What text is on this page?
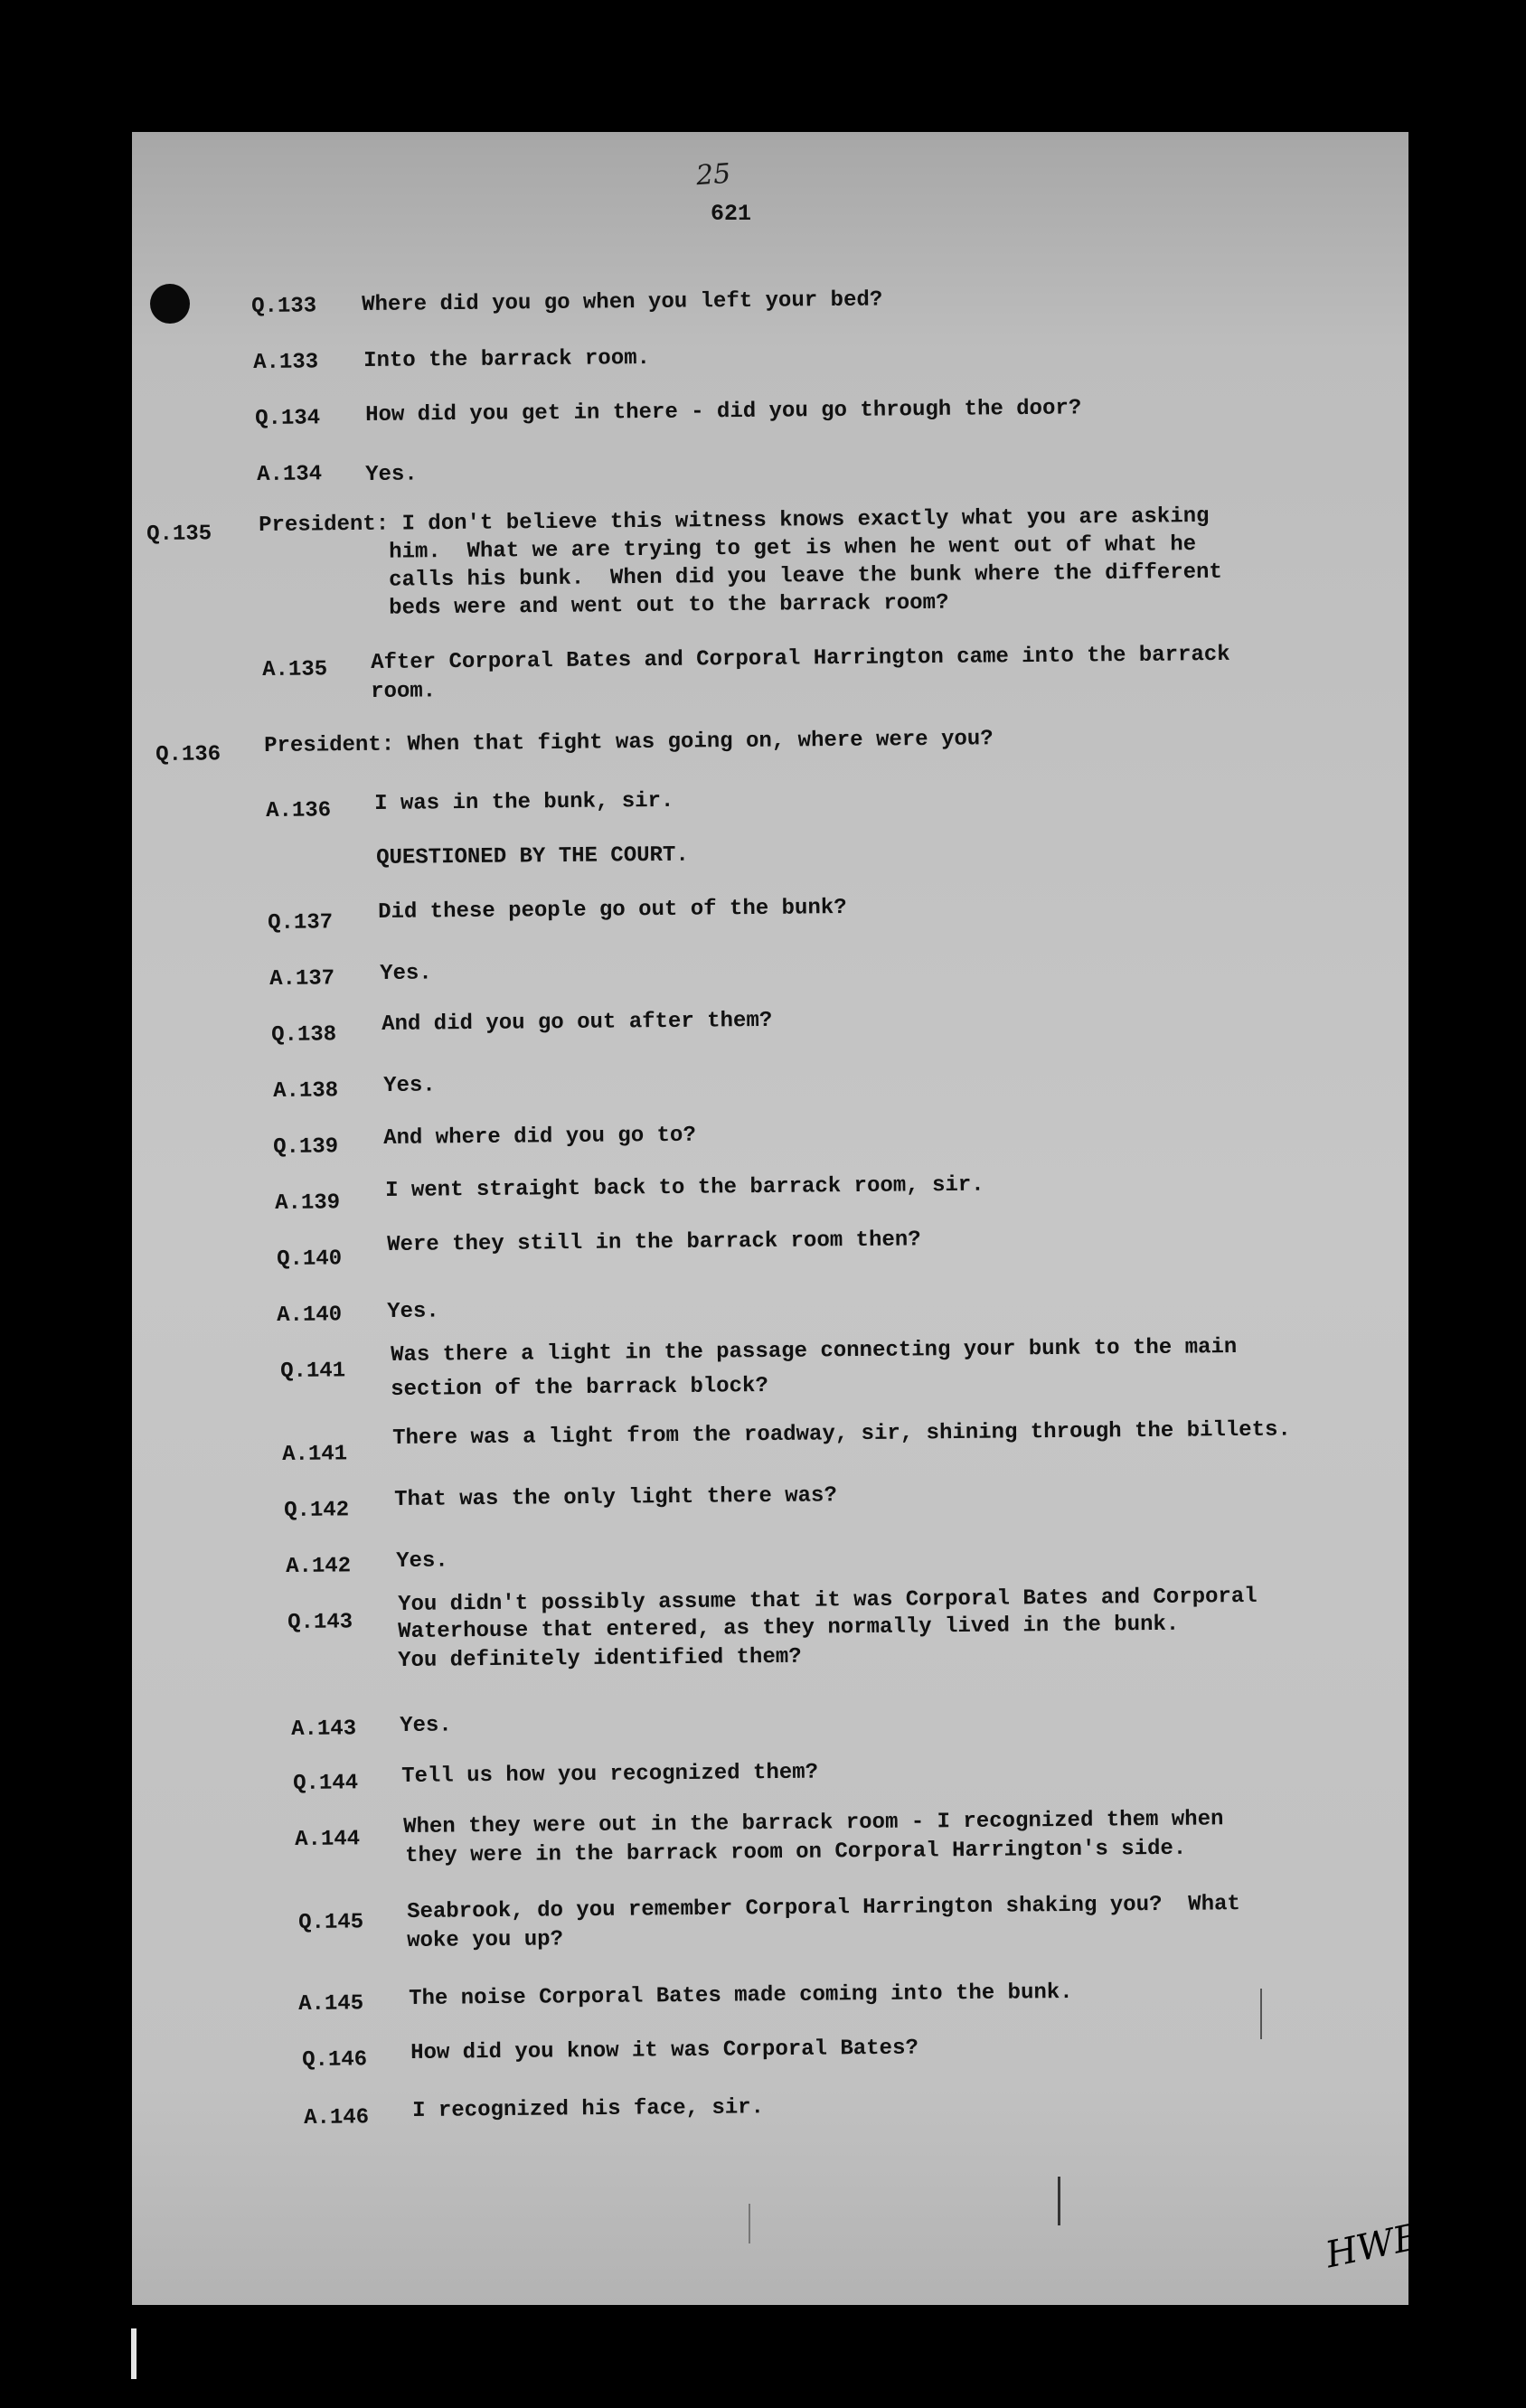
25
621
Q.133 Where did you go when you left your bed?
A.133 Into the barrack room.
Q.134 How did you get in there - did you go through the door?
A.134 Yes.
Q.135 President: I don't believe this witness knows exactly what you are asking
him.  What we are trying to get is when he went out of what he
calls his bunk.  When did you leave the bunk where the different
beds were and went out to the barrack room?
A.135 After Corporal Bates and Corporal Harrington came into the barrack
room.
Q.136 President: When that fight was going on, where were you?
A.136 I was in the bunk, sir.
QUESTIONED BY THE COURT.
Q.137 Did these people go out of the bunk?
A.137 Yes.
Q.138 And did you go out after them?
A.138 Yes.
Q.139 And where did you go to?
A.139
I went straight back to the barrack room, sir.
Q.140
Were they still in the barrack room then?
A.140 Yes.
Q.141
Was there a light in the passage connecting your bunk to the main
section of the barrack block?
A.141
There was a light from the roadway, sir, shining through the billets.
Q.142 That was the only light there was?
A.142 Yes.
Q.143
You didn't possibly assume that it was Corporal Bates and Corporal
Waterhouse that entered, as they normally lived in the bunk.
You definitely identified them?
A.143 Yes.
Q.144 Tell us how you recognized them?
A.144
When they were out in the barrack room - I recognized them when
they were in the barrack room on Corporal Harrington's side.
Q.145 Seabrook, do you remember Corporal Harrington shaking you?  What
woke you up?
A.145 The noise Corporal Bates made coming into the bunk.
Q.146 How did you know it was Corporal Bates?
A.146 I recognized his face, sir.
HWB
